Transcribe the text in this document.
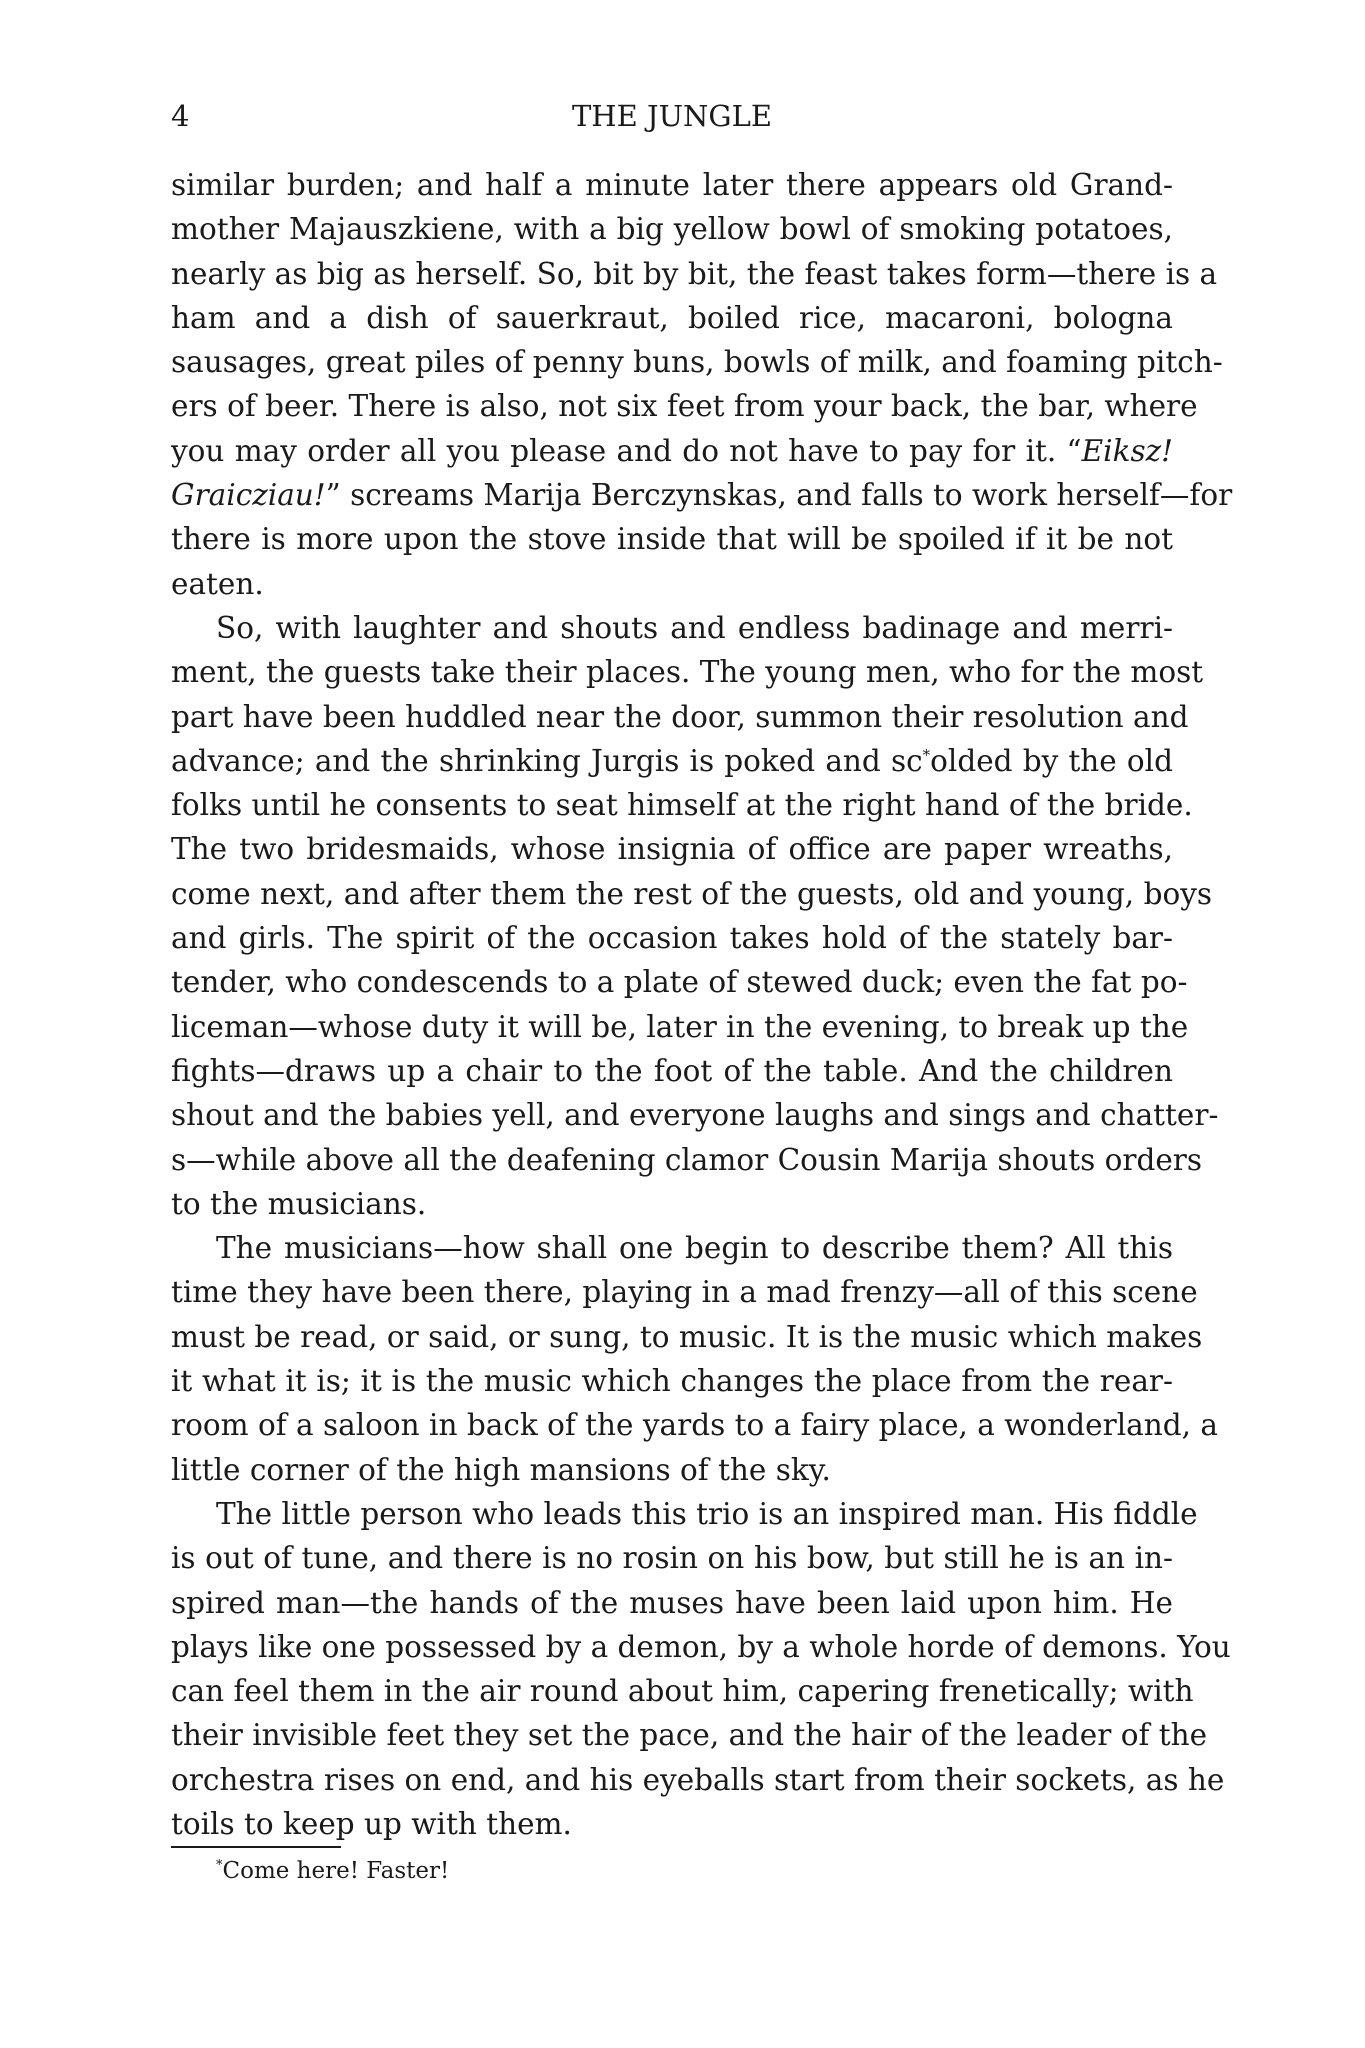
4	THE JUNGLE
similar burden; and half a minute later there appears old Grand-
mother Majauszkiene, with a big yellow bowl of smoking potatoes,
nearly as big as herself. So, bit by bit, the feast takes form—there is a
ham and a dish of sauerkraut, boiled rice, macaroni, bologna
sausages, great piles of penny buns, bowls of milk, and foaming pitch-
ers of beer. There is also, not six feet from your back, the bar, where
you may order all you please and do not have to pay for it. “Eiksz!
Graicziau!” screams Marija Berczynskas, and falls to work herself—for
there is more upon the stove inside that will be spoiled if it be not
eaten.
So, with laughter and shouts and endless badinage and merri-
ment, the guests take their places. The young men, who for the most
part have been huddled near the door, summon their resolution and
advance; and the shrinking Jurgis is poked and sc*olded by the old
folks until he consents to seat himself at the right hand of the bride.
The two bridesmaids, whose insignia of office are paper wreaths,
come next, and after them the rest of the guests, old and young, boys
and girls. The spirit of the occasion takes hold of the stately bar-
tender, who condescends to a plate of stewed duck; even the fat po-
liceman—whose duty it will be, later in the evening, to break up the
fights—draws up a chair to the foot of the table. And the children
shout and the babies yell, and everyone laughs and sings and chatter-
s—while above all the deafening clamor Cousin Marija shouts orders
to the musicians.
The musicians—how shall one begin to describe them? All this
time they have been there, playing in a mad frenzy—all of this scene
must be read, or said, or sung, to music. It is the music which makes
it what it is; it is the music which changes the place from the rear-
room of a saloon in back of the yards to a fairy place, a wonderland, a
little corner of the high mansions of the sky.
The little person who leads this trio is an inspired man. His fiddle
is out of tune, and there is no rosin on his bow, but still he is an in-
spired man—the hands of the muses have been laid upon him. He
plays like one possessed by a demon, by a whole horde of demons. You
can feel them in the air round about him, capering frenetically; with
their invisible feet they set the pace, and the hair of the leader of the
orchestra rises on end, and his eyeballs start from their sockets, as he
toils to keep up with them.
*Come here! Faster!
